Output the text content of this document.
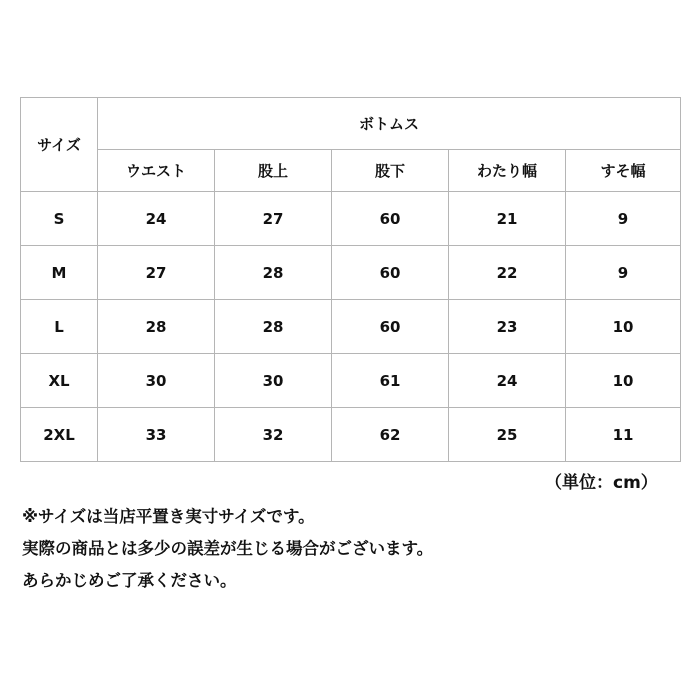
サイズ	ボトムス				
	ウエスト	股上	股下	わたり幅	すそ幅
S	24	27	60	21	9
M	27	28	60	22	9
L	28	28	60	23	10
XL	30	30	61	24	10
2XL	33	32	62	25	11
（単位：cm）
※サイズは当店平置き実寸サイズです。
実際の商品とは多少の誤差が生じる場合がございます。
あらかじめご了承ください。
